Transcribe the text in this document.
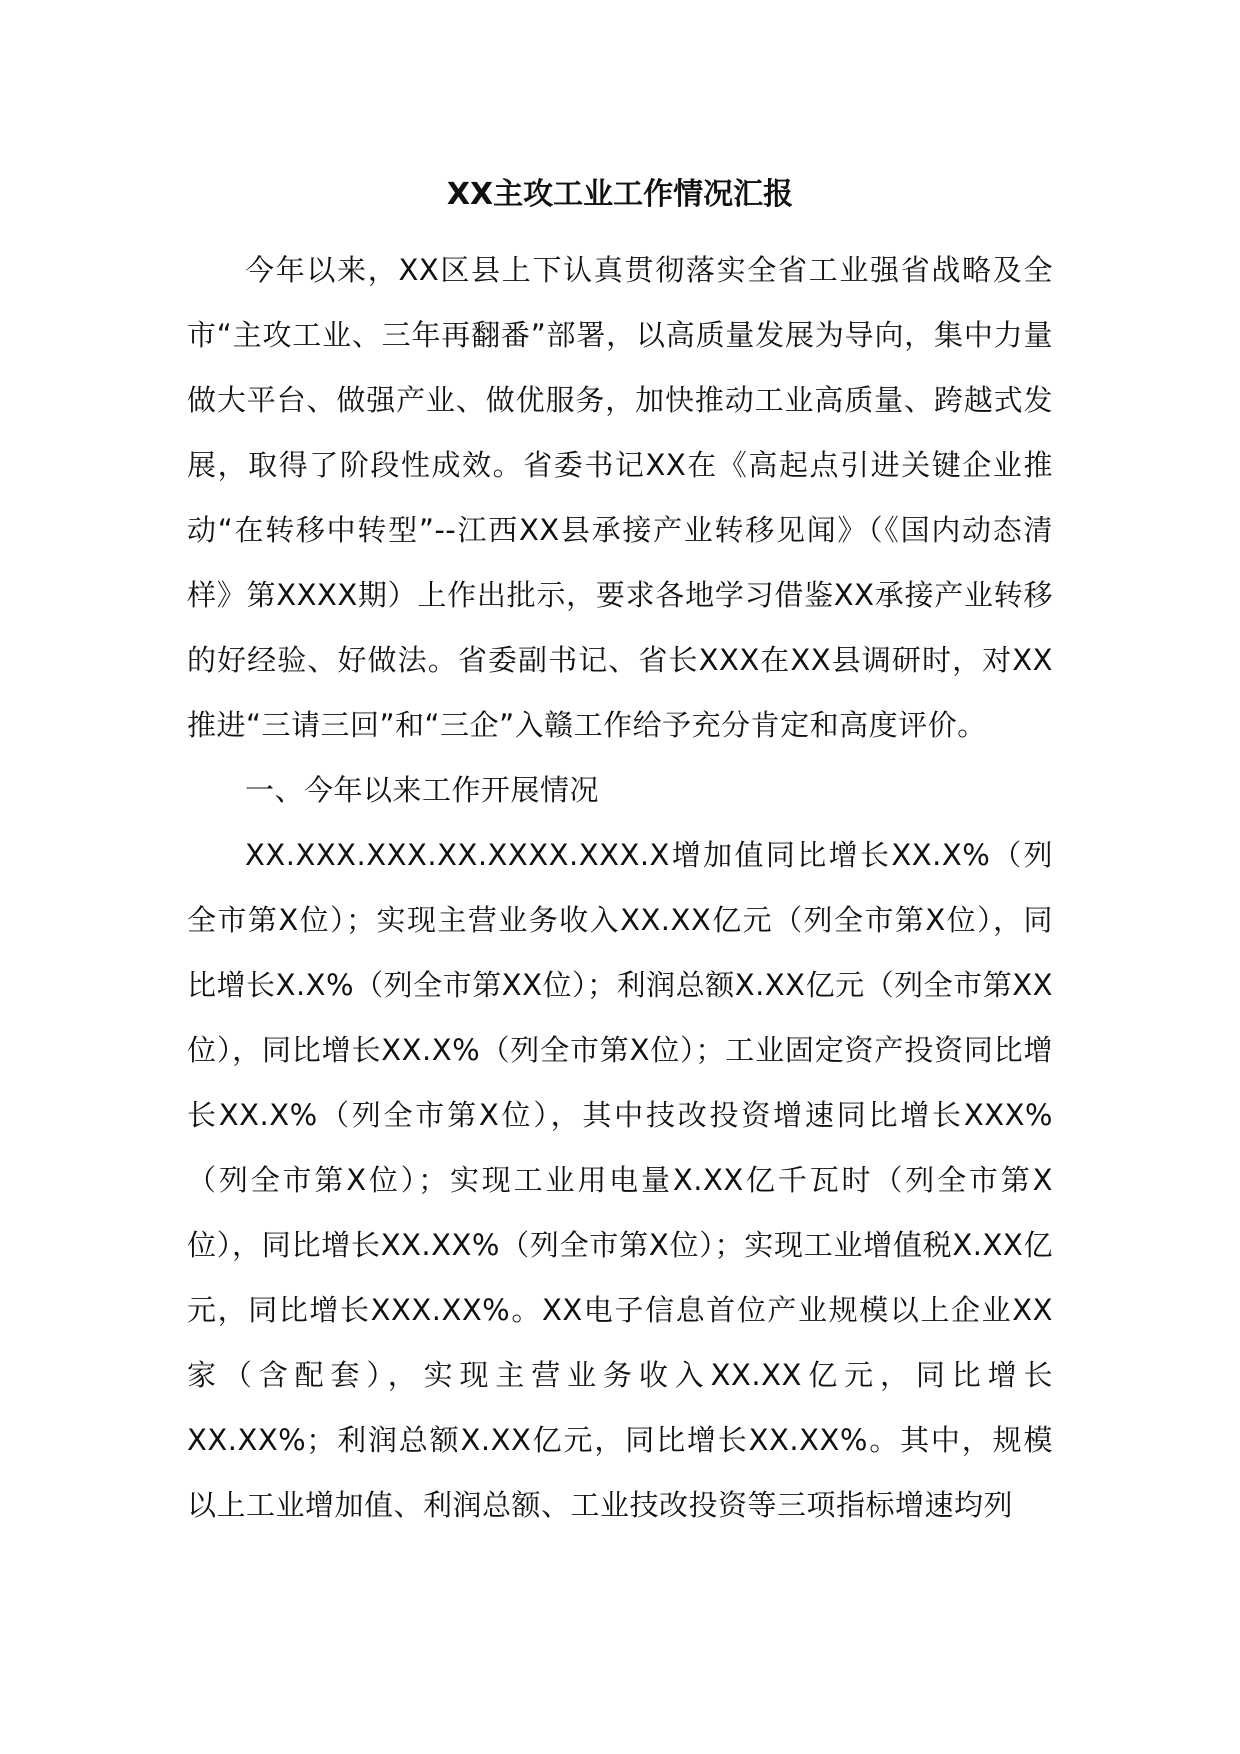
XX主攻工业工作情况汇报

今年以来，XX区县上下认真贯彻落实全省工业强省战略及全市“主攻工业、三年再翻番”部署，以高质量发展为导向，集中力量做大平台、做强产业、做优服务，加快推动工业高质量、跨越式发展，取得了阶段性成效。省委书记XX在《高起点引进关键企业推动“在转移中转型”--江西XX县承接产业转移见闻》（《国内动态清样》第XXXX期）上作出批示，要求各地学习借鉴XX承接产业转移的好经验、好做法。省委副书记、省长XXX在XX县调研时，对XX推进“三请三回”和“三企”入赣工作给予充分肯定和高度评价。

一、今年以来工作开展情况

XX.XXX.XXX.XX.XXXX.XXX.X增加值同比增长XX.X%（列全市第X位）；实现主营业务收入XX.XX亿元（列全市第X位），同比增长X.X%（列全市第XX位）；利润总额X.XX亿元（列全市第XX位），同比增长XX.X%（列全市第X位）；工业固定资产投资同比增长XX.X%（列全市第X位），其中技改投资增速同比增长XXX%（列全市第X位）；实现工业用电量X.XX亿千瓦时（列全市第X位），同比增长XX.XX%（列全市第X位）；实现工业增值税X.XX亿元，同比增长XXX.XX%。XX电子信息首位产业规模以上企业XX家（含配套），实现主营业务收入XX.XX亿元，同比增长XX.XX%；利润总额X.XX亿元，同比增长XX.XX%。其中，规模以上工业增加值、利润总额、工业技改投资等三项指标增速均列
